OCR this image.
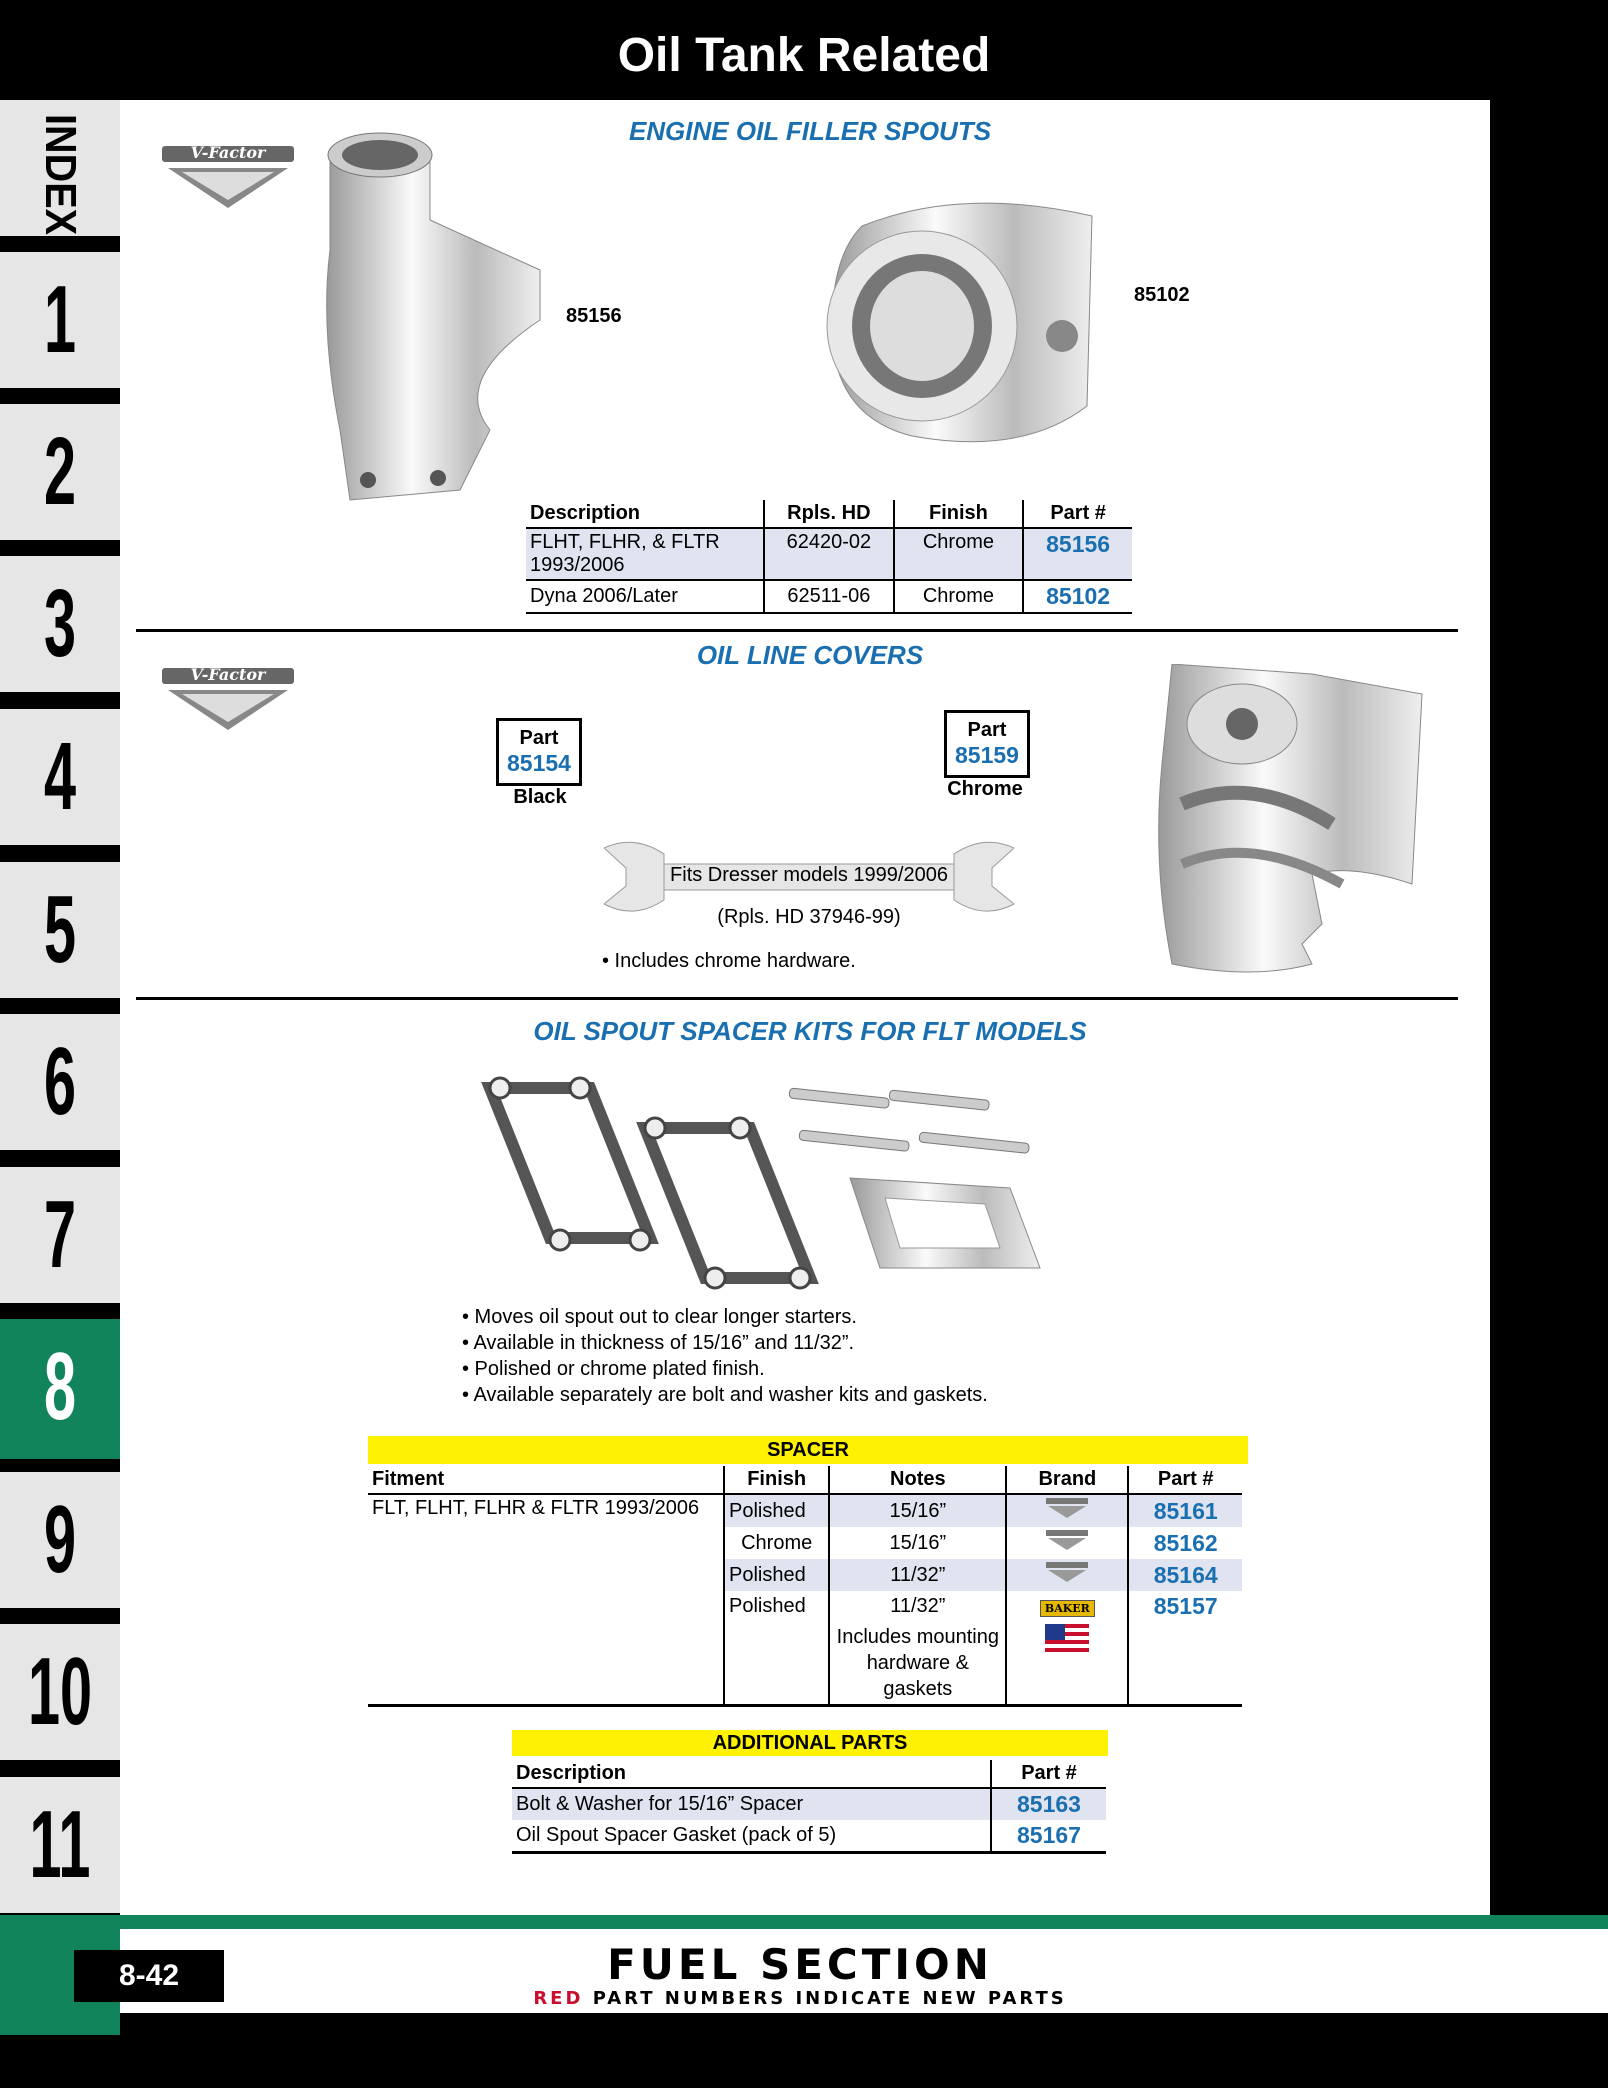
Oil Tank Related
INDEX
1
2
3
4
5
6
7
8
9
10
11
ENGINE OIL FILLER SPOUTS
V-Factor
85156
85102
Description	Rpls. HD	Finish	Part #
FLHT, FLHR, & FLTR 1993/2006	62420-02	Chrome	85156
Dyna 2006/Later	62511-06	Chrome	85102
OIL LINE COVERS
V-Factor
Part
85154
Black
Part
85159
Chrome
Fits Dresser models 1999/2006
(Rpls. HD 37946-99)
• Includes chrome hardware.
OIL SPOUT SPACER KITS FOR FLT MODELS
• Moves oil spout out to clear longer starters.
• Available in thickness of 15/16” and 11/32”.
• Polished or chrome plated finish.
• Available separately are bolt and washer kits and gaskets.
SPACER
Fitment	Finish	Notes	Brand	Part #
FLT, FLHT, FLHR & FLTR 1993/2006	Polished	15/16”		85161
	Chrome	15/16”		85162
	Polished	11/32”		85164
	Polished	11/32”	BAKER	85157
		Includes mounting hardware & gaskets		
ADDITIONAL PARTS
Description	Part #
Bolt & Washer for 15/16” Spacer	85163
Oil Spout Spacer Gasket (pack of 5)	85167
8-42	FUEL SECTION
RED PART NUMBERS INDICATE NEW PARTS
